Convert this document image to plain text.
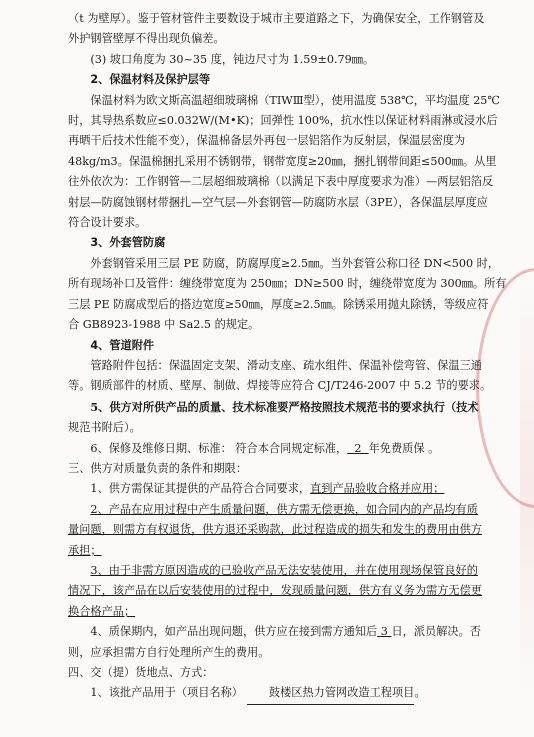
（t 为壁厚）。鉴于管材管件主要数设于城市主要道路之下，为确保安全，工作钢管及
外护钢管壁厚不得出现负偏差。

(3) 坡口角度为 30~35 度，钝边尺寸为 1.59±0.79㎜。

2、保温材料及保护层等

保温材料为欧文斯高温超细玻璃棉（TIWⅢ型），使用温度 538℃，平均温度 25℃
时，其导热系数应≤0.032W/(M•K)；回弹性 100%，抗水性以保证材料雨淋或浸水后
再晒干后技术性能不变），保温棉备层外再包一层铝箔作为反射层，保温层密度为
48kg/m3。保温棉捆扎采用不锈钢带，钢带宽度≥20㎜，捆扎钢带间距≤500㎜。从里
往外依次为：工作钢管—二层超细玻璃棉（以满足下表中厚度要求为准）—两层铝箔反
射层—防腐蚀钢材带捆扎—空气层—外套钢管—防腐防水层（3PE），各保温层厚度应
符合设计要求。

3、外套管防腐

外套钢管采用三层 PE 防腐，防腐厚度≥2.5㎜。当外套管公称口径 DN<500 时，
所有现场补口及管件：缠绕带宽度为 250㎜；DN≥500 时，缠绕带宽度为 300㎜。所有
三层 PE 防腐成型后的搭边宽度≥50㎜，厚度≥2.5㎜。除锈采用抛丸除锈，等级应符
合 GB8923-1988 中 Sa2.5 的规定。

4、管道附件

管路附件包括：保温固定支架、滑动支座、疏水组件、保温补偿弯管、保温三通
等。钢质部件的材质、壁厚、制做、焊接等应符合 CJ/T246-2007 中 5.2 节的要求。

5、供方对所供产品的质量、技术标准要严格按照技术规范书的要求执行（技术
规范书附后）。

6、保修及维修日期、标准： 符合本合同规定标准， 2 年免费质保 。

三、供方对质量负责的条件和期限：

1、供方需保证其提供的产品符合合同要求，直到产品验收合格并应用；

2、产品在应用过程中产生质量问题，供方需无偿更换，如合同内的产品均有质
量问题，则需方有权退货，供方退还采购款，此过程造成的损失和发生的费用由供方
承担；

3、由于非需方原因造成的已验收产品无法安装使用，并在使用现场保管良好的
情况下，该产品在以后安装使用的过程中，发现质量问题，供方有义务为需方无偿更
换合格产品；

4、质保期内，如产品出现问题，供方应在接到需方通知后 3 日，派员解决。否
则，应承担需方自行处理所产生的费用。

四、交（提）货地点、方式：

1、该批产品用于（项目名称） 鼓楼区热力管网改造工程项目。
